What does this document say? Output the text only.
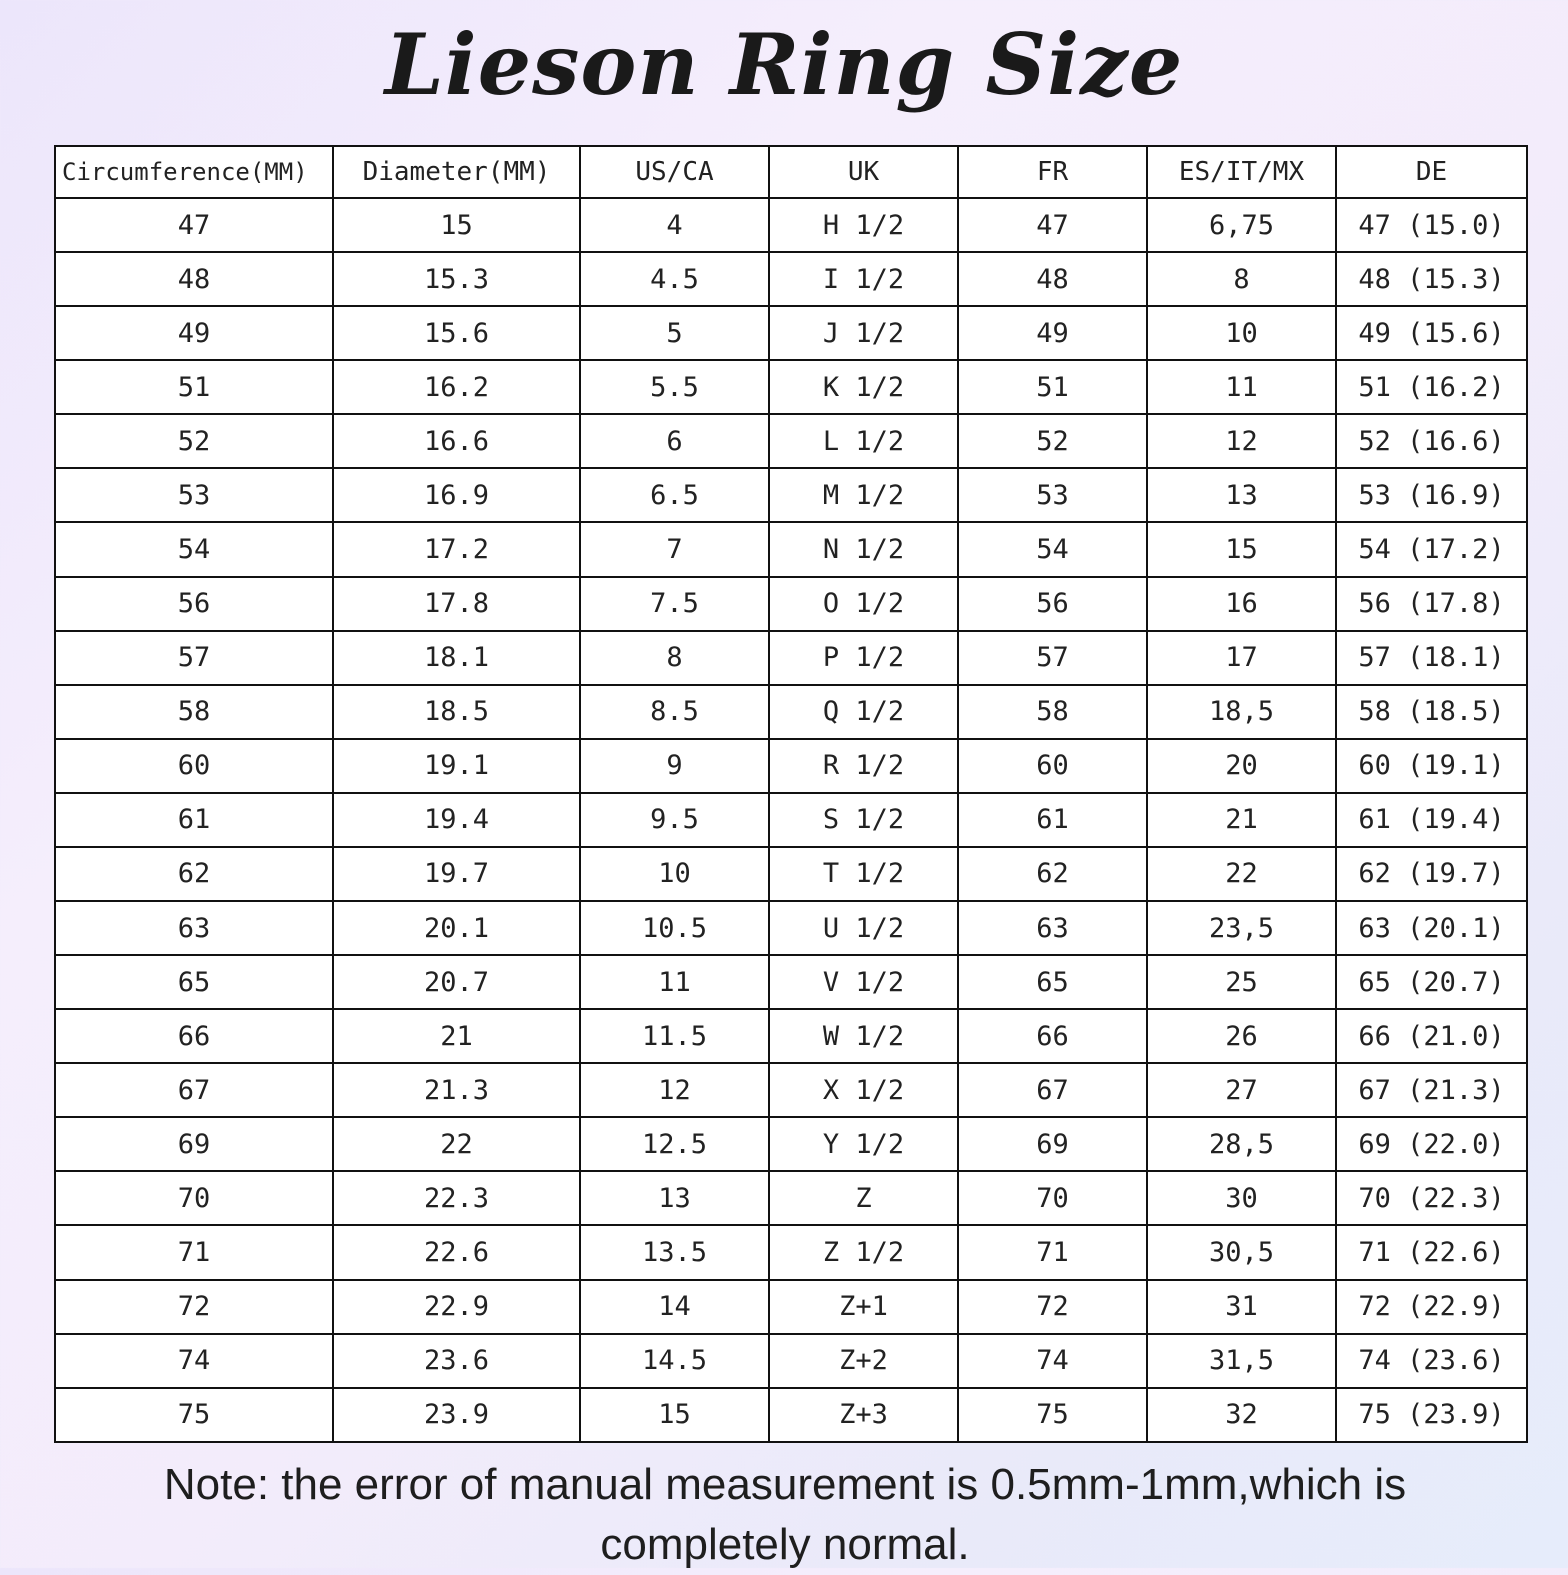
Lieson Ring Size
Circumference(MM)	Diameter(MM)	US/CA	UK	FR	ES/IT/MX	DE
47	15	4	H 1/2	47	6,75	47 (15.0)
48	15.3	4.5	I 1/2	48	8	48 (15.3)
49	15.6	5	J 1/2	49	10	49 (15.6)
51	16.2	5.5	K 1/2	51	11	51 (16.2)
52	16.6	6	L 1/2	52	12	52 (16.6)
53	16.9	6.5	M 1/2	53	13	53 (16.9)
54	17.2	7	N 1/2	54	15	54 (17.2)
56	17.8	7.5	O 1/2	56	16	56 (17.8)
57	18.1	8	P 1/2	57	17	57 (18.1)
58	18.5	8.5	Q 1/2	58	18,5	58 (18.5)
60	19.1	9	R 1/2	60	20	60 (19.1)
61	19.4	9.5	S 1/2	61	21	61 (19.4)
62	19.7	10	T 1/2	62	22	62 (19.7)
63	20.1	10.5	U 1/2	63	23,5	63 (20.1)
65	20.7	11	V 1/2	65	25	65 (20.7)
66	21	11.5	W 1/2	66	26	66 (21.0)
67	21.3	12	X 1/2	67	27	67 (21.3)
69	22	12.5	Y 1/2	69	28,5	69 (22.0)
70	22.3	13	Z	70	30	70 (22.3)
71	22.6	13.5	Z 1/2	71	30,5	71 (22.6)
72	22.9	14	Z+1	72	31	72 (22.9)
74	23.6	14.5	Z+2	74	31,5	74 (23.6)
75	23.9	15	Z+3	75	32	75 (23.9)
Note: the error of manual measurement is 0.5mm-1mm,which is completely normal.
